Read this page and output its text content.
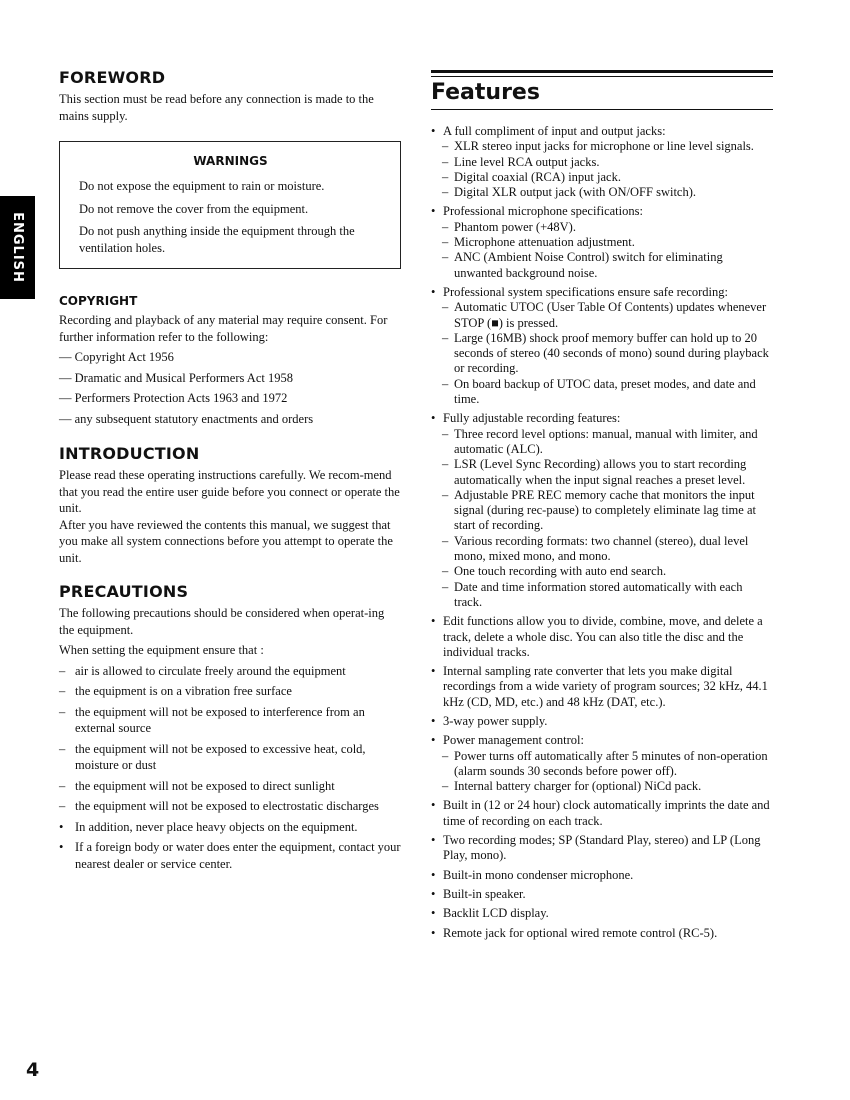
ENGLISH
FOREWORD

This section must be read before any connection is made to the mains supply.

WARNINGS

Do not expose the equipment to rain or moisture.

Do not remove the cover from the equipment.

Do not push anything inside the equipment through the ventilation holes.

COPYRIGHT

Recording and playback of any material may require consent. For further information refer to the following:

— Copyright Act 1956

— Dramatic and Musical Performers Act 1958

— Performers Protection Acts 1963 and 1972

— any subsequent statutory enactments and orders

INTRODUCTION

Please read these operating instructions carefully. We recom-mend that you read the entire user guide before you connect or operate the unit.

After you have reviewed the contents this manual, we suggest that you make all system connections before you attempt to operate the unit.

PRECAUTIONS

The following precautions should be considered when operat-ing the equipment.

When setting the equipment ensure that :

– air is allowed to circulate freely around the equipment
– the equipment is on a vibration free surface
– the equipment will not be exposed to interference from an external source
– the equipment will not be exposed to excessive heat, cold, moisture or dust
– the equipment will not be exposed to direct sunlight
– the equipment will not be exposed to electrostatic discharges
• In addition, never place heavy objects on the equipment.
• If a foreign body or water does enter the equipment, contact your nearest dealer or service center.
Features
• A full compliment of input and output jacks:
– XLR stereo input jacks for microphone or line level signals.
– Line level RCA output jacks.
– Digital coaxial (RCA) input jack.
– Digital XLR output jack (with ON/OFF switch).
• Professional microphone specifications:
– Phantom power (+48V).
– Microphone attenuation adjustment.
– ANC (Ambient Noise Control) switch for eliminating unwanted background noise.
• Professional system specifications ensure safe recording:
– Automatic UTOC (User Table Of Contents) updates whenever STOP (■) is pressed.
– Large (16MB) shock proof memory buffer can hold up to 20 seconds of stereo (40 seconds of mono) sound during playback or recording.
– On board backup of UTOC data, preset modes, and date and time.
• Fully adjustable recording features:
– Three record level options: manual, manual with limiter, and automatic (ALC).
– LSR (Level Sync Recording) allows you to start recording automatically when the input signal reaches a preset level.
– Adjustable PRE REC memory cache that monitors the input signal (during rec-pause) to completely eliminate lag time at start of recording.
– Various recording formats: two channel (stereo), dual level mono, mixed mono, and mono.
– One touch recording with auto end search.
– Date and time information stored automatically with each track.
• Edit functions allow you to divide, combine, move, and delete a track, delete a whole disc. You can also title the disc and the individual tracks.
• Internal sampling rate converter that lets you make digital recordings from a wide variety of program sources; 32 kHz, 44.1 kHz (CD, MD, etc.) and 48 kHz (DAT, etc.).
• 3-way power supply.
• Power management control:
– Power turns off automatically after 5 minutes of non-operation (alarm sounds 30 seconds before power off).
– Internal battery charger for (optional) NiCd pack.
• Built in (12 or 24 hour) clock automatically imprints the date and time of recording on each track.
• Two recording modes; SP (Standard Play, stereo) and LP (Long Play, mono).
• Built-in mono condenser microphone.
• Built-in speaker.
• Backlit LCD display.
• Remote jack for optional wired remote control (RC-5).
4
